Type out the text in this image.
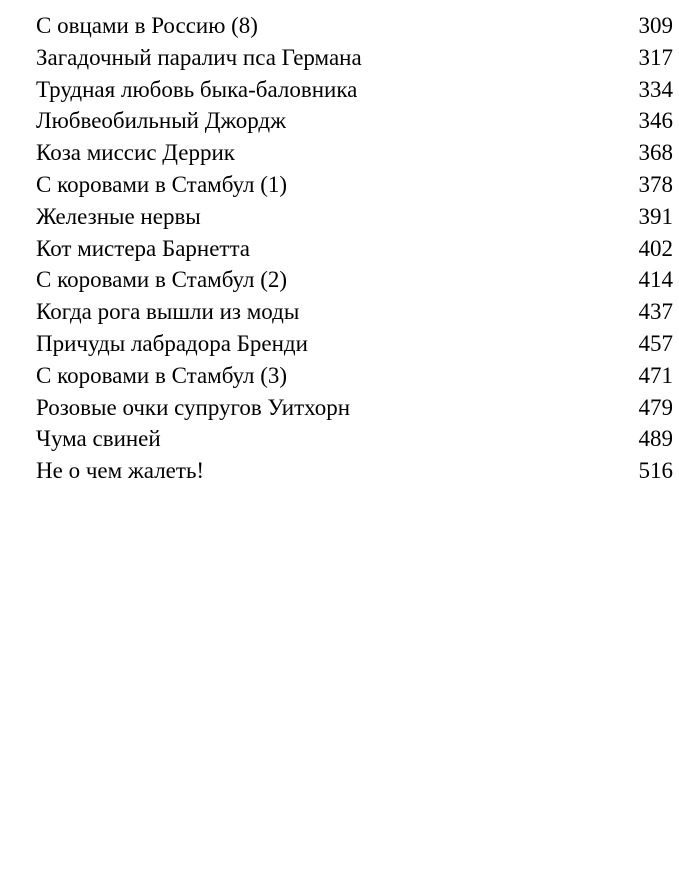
С овцами в Россию (8)	309
Загадочный паралич пса Германа	317
Трудная любовь быка-баловника	334
Любвеобильный Джордж	346
Коза миссис Деррик	368
С коровами в Стамбул (1)	378
Железные нервы	391
Кот мистера Барнетта	402
С коровами в Стамбул (2)	414
Когда рога вышли из моды	437
Причуды лабрадора Бренди	457
С коровами в Стамбул (3)	471
Розовые очки супругов Уитхорн	479
Чума свиней	489
Не о чем жалеть!	516
